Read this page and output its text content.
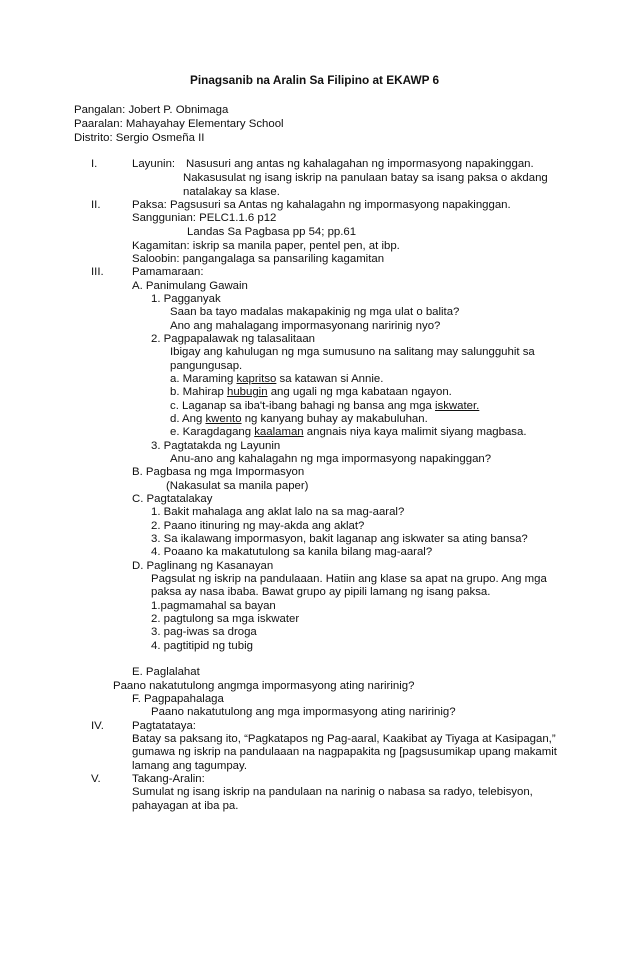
Pinagsanib na Aralin Sa Filipino at EKAWP 6
Pangalan: Jobert P. Obnimaga
Paaralan: Mahayahay Elementary School
Distrito: Sergio Osmeña II
I.	Layunin: Nasusuri ang antas ng kahalagahan ng impormasyong napakinggan.
Nakasusulat ng isang iskrip na panulaan batay sa isang paksa o akdang
natalakay sa klase.
II.	Paksa: Pagsusuri sa Antas ng kahalagahn ng impormasyong napakinggan.
Sanggunian: PELC1.1.6 p12
Landas Sa Pagbasa pp 54; pp.61
Kagamitan: iskrip sa manila paper, pentel pen, at ibp.
Saloobin: pangangalaga sa pansariling kagamitan
III. Pamamaraan:
A. Panimulang Gawain
1. Pagganyak
Saan ba tayo madalas makapakinig ng mga ulat o balita?
Ano ang mahalagang impormasyonang naririnig nyo?
2. Pagpapalawak ng talasalitaan
Ibigay ang kahulugan ng mga sumusuno na salitang may salungguhit sa
pangungusap.
a. Maraming kapritso sa katawan si Annie.
b. Mahirap hubugin ang ugali ng mga kabataan ngayon.
c. Laganap sa iba't-ibang bahagi ng bansa ang mga iskwater.
d. Ang kwento ng kanyang buhay ay makabuluhan.
e. Karagdagang kaalaman angnais niya kaya malimit siyang magbasa.
3. Pagtatakda ng Layunin
Anu-ano ang kahalagahn ng mga impormasyong napakinggan?
B. Pagbasa ng mga Impormasyon
(Nakasulat sa manila paper)
C. Pagtatalakay
1. Bakit mahalaga ang aklat lalo na sa mag-aaral?
2. Paano itinuring ng may-akda ang aklat?
3. Sa ikalawang impormasyon, bakit laganap ang iskwater sa ating bansa?
4. Poaano ka makatutulong sa kanila bilang mag-aaral?
D. Paglinang ng Kasanayan
Pagsulat ng iskrip na pandulaaan. Hatiin ang klase sa apat na grupo. Ang mga
paksa ay nasa ibaba. Bawat grupo ay pipili lamang ng isang paksa.
1.pagmamahal sa bayan
2. pagtulong sa mga iskwater
3. pag-iwas sa droga
4. pagtitipid ng tubig
E. Paglalahat
Paano nakatutulong angmga impormasyong ating naririnig?
F. Pagpapahalaga
Paano nakatutulong ang mga impormasyong ating naririnig?
IV. Pagtatataya:
Batay sa paksang ito, “Pagkatapos ng Pag-aaral, Kaakibat ay Tiyaga at Kasipagan,”
gumawa ng iskrip na pandulaaan na nagpapakita ng [pagsusumikap upang makamit
lamang ang tagumpay.
V.	Takang-Aralin:
Sumulat ng isang iskrip na pandulaan na narinig o nabasa sa radyo, telebisyon,
pahayagan at iba pa.
